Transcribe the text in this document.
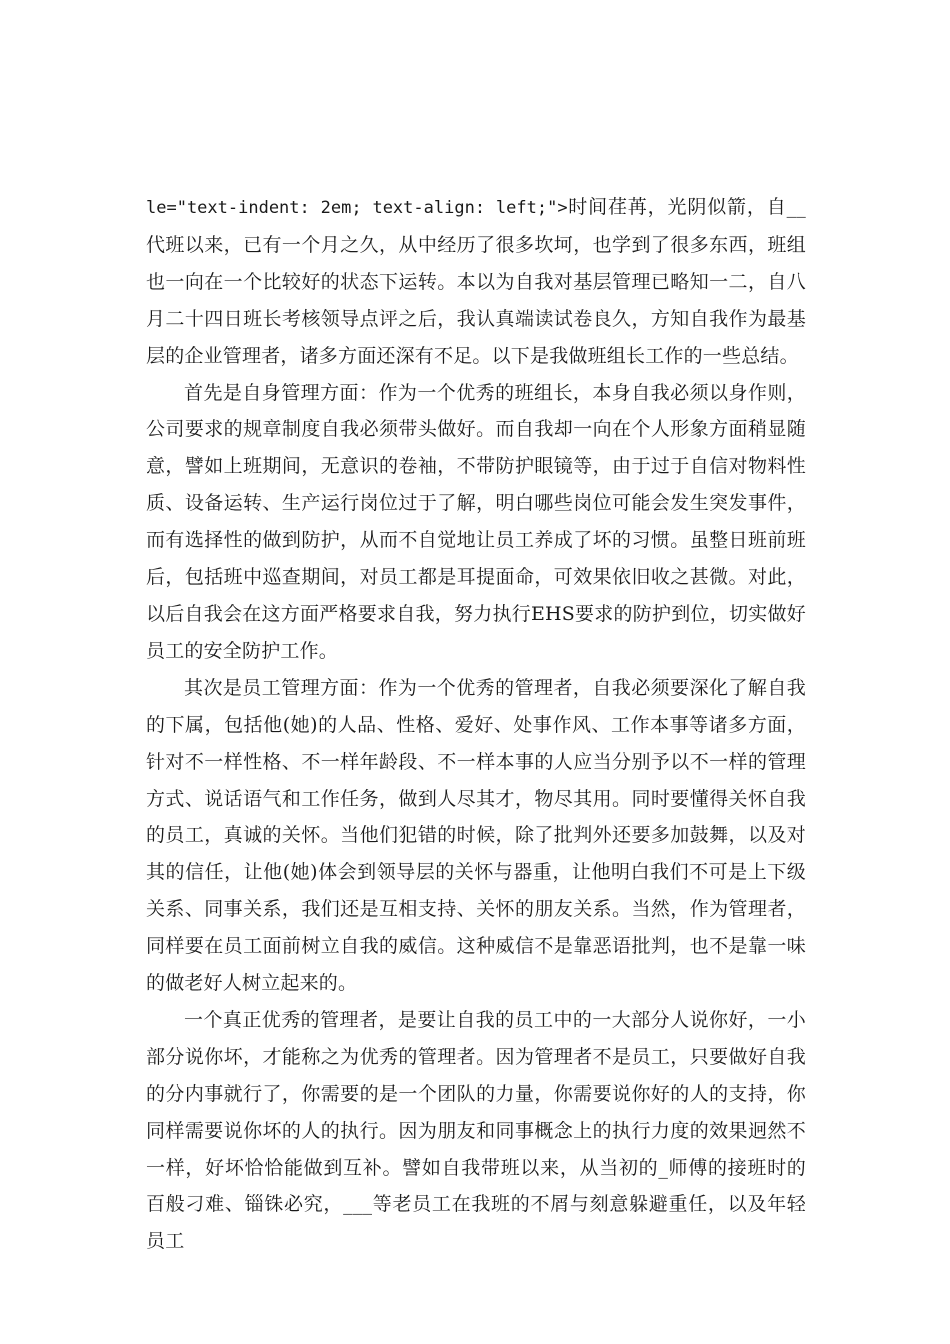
le="text-indent: 2em; text-align: left;">时间荏苒，光阴似箭，自__代班以来，已有一个月之久，从中经历了很多坎坷，也学到了很多东西，班组也一向在一个比较好的状态下运转。本以为自我对基层管理已略知一二，自八月二十四日班长考核领导点评之后，我认真端读试卷良久，方知自我作为最基层的企业管理者，诸多方面还深有不足。以下是我做班组长工作的一些总结。

首先是自身管理方面：作为一个优秀的班组长，本身自我必须以身作则，公司要求的规章制度自我必须带头做好。而自我却一向在个人形象方面稍显随意，譬如上班期间，无意识的卷袖，不带防护眼镜等，由于过于自信对物料性质、设备运转、生产运行岗位过于了解，明白哪些岗位可能会发生突发事件，而有选择性的做到防护，从而不自觉地让员工养成了坏的习惯。虽整日班前班后，包括班中巡查期间，对员工都是耳提面命，可效果依旧收之甚微。对此，以后自我会在这方面严格要求自我，努力执行EHS要求的防护到位，切实做好员工的安全防护工作。

其次是员工管理方面：作为一个优秀的管理者，自我必须要深化了解自我的下属，包括他(她)的人品、性格、爱好、处事作风、工作本事等诸多方面，针对不一样性格、不一样年龄段、不一样本事的人应当分别予以不一样的管理方式、说话语气和工作任务，做到人尽其才，物尽其用。同时要懂得关怀自我的员工，真诚的关怀。当他们犯错的时候，除了批判外还要多加鼓舞，以及对其的信任，让他(她)体会到领导层的关怀与器重，让他明白我们不可是上下级关系、同事关系，我们还是互相支持、关怀的朋友关系。当然，作为管理者，同样要在员工面前树立自我的威信。这种威信不是靠恶语批判，也不是靠一味的做老好人树立起来的。

一个真正优秀的管理者，是要让自我的员工中的一大部分人说你好，一小部分说你坏，才能称之为优秀的管理者。因为管理者不是员工，只要做好自我的分内事就行了，你需要的是一个团队的力量，你需要说你好的人的支持，你同样需要说你坏的人的执行。因为朋友和同事概念上的执行力度的效果迥然不一样，好坏恰恰能做到互补。譬如自我带班以来，从当初的_师傅的接班时的百般刁难、锱铢必究，___等老员工在我班的不屑与刻意躲避重任，以及年轻员工
